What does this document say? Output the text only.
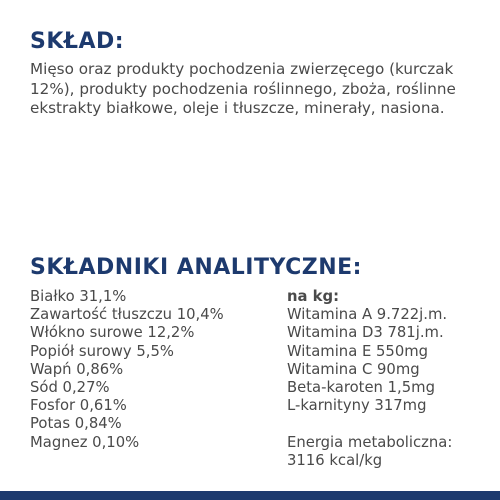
SKŁAD:

Mięso oraz produkty pochodzenia zwierzęcego (kurczak 12%), produkty pochodzenia roślinnego, zboża, roślinne ekstrakty białkowe, oleje i tłuszcze, minerały, nasiona.

SKŁADNIKI ANALITYCZNE:
Białko 31,1%
Zawartość tłuszczu 10,4%
Włókno surowe 12,2%
Popiół surowy 5,5%
Wapń 0,86%
Sód 0,27%
Fosfor 0,61%
Potas 0,84%
Magnez 0,10%
na kg:
Witamina A 9.722j.m.
Witamina D3 781j.m.
Witamina E 550mg
Witamina C 90mg
Beta-karoten 1,5mg
L-karnityny 317mg
Energia metaboliczna:
3116 kcal/kg
